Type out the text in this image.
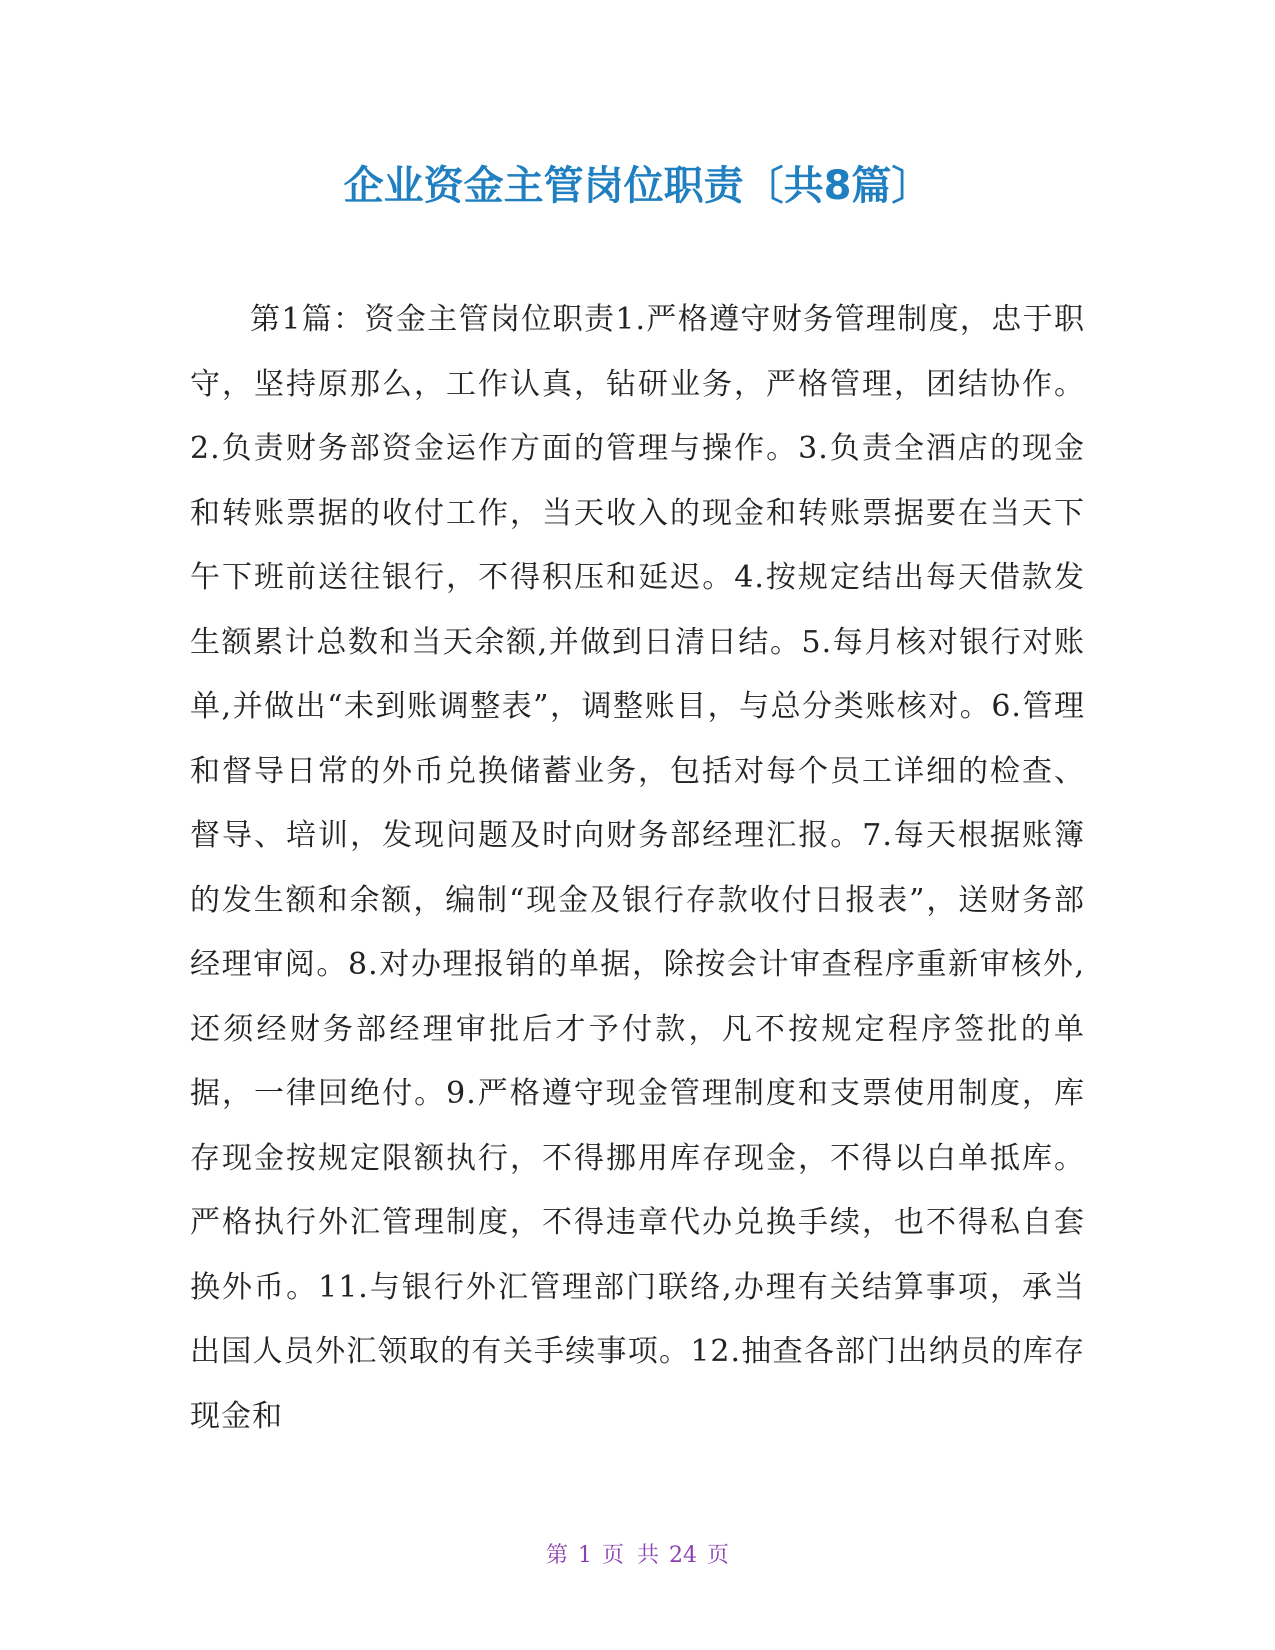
企业资金主管岗位职责〔共8篇〕
第1篇：资金主管岗位职责1.严格遵守财务管理制度，忠于职守，坚持原那么，工作认真，钻研业务，严格管理，团结协作。2.负责财务部资金运作方面的管理与操作。3.负责全酒店的现金和转账票据的收付工作，当天收入的现金和转账票据要在当天下午下班前送往银行，不得积压和延迟。4.按规定结出每天借款发生额累计总数和当天余额,并做到日清日结。5.每月核对银行对账单,并做出“未到账调整表”，调整账目，与总分类账核对。6.管理和督导日常的外币兑换储蓄业务，包括对每个员工详细的检查、督导、培训，发现问题及时向财务部经理汇报。7.每天根据账簿的发生额和余额，编制“现金及银行存款收付日报表”，送财务部经理审阅。8.对办理报销的单据，除按会计审查程序重新审核外,还须经财务部经理审批后才予付款，凡不按规定程序签批的单据，一律回绝付。9.严格遵守现金管理制度和支票使用制度，库存现金按规定限额执行，不得挪用库存现金，不得以白单抵库。严格执行外汇管理制度，不得违章代办兑换手续，也不得私自套换外币。11.与银行外汇管理部门联络,办理有关结算事项，承当出国人员外汇领取的有关手续事项。12.抽查各部门出纳员的库存现金和
第 1 页 共 24 页
